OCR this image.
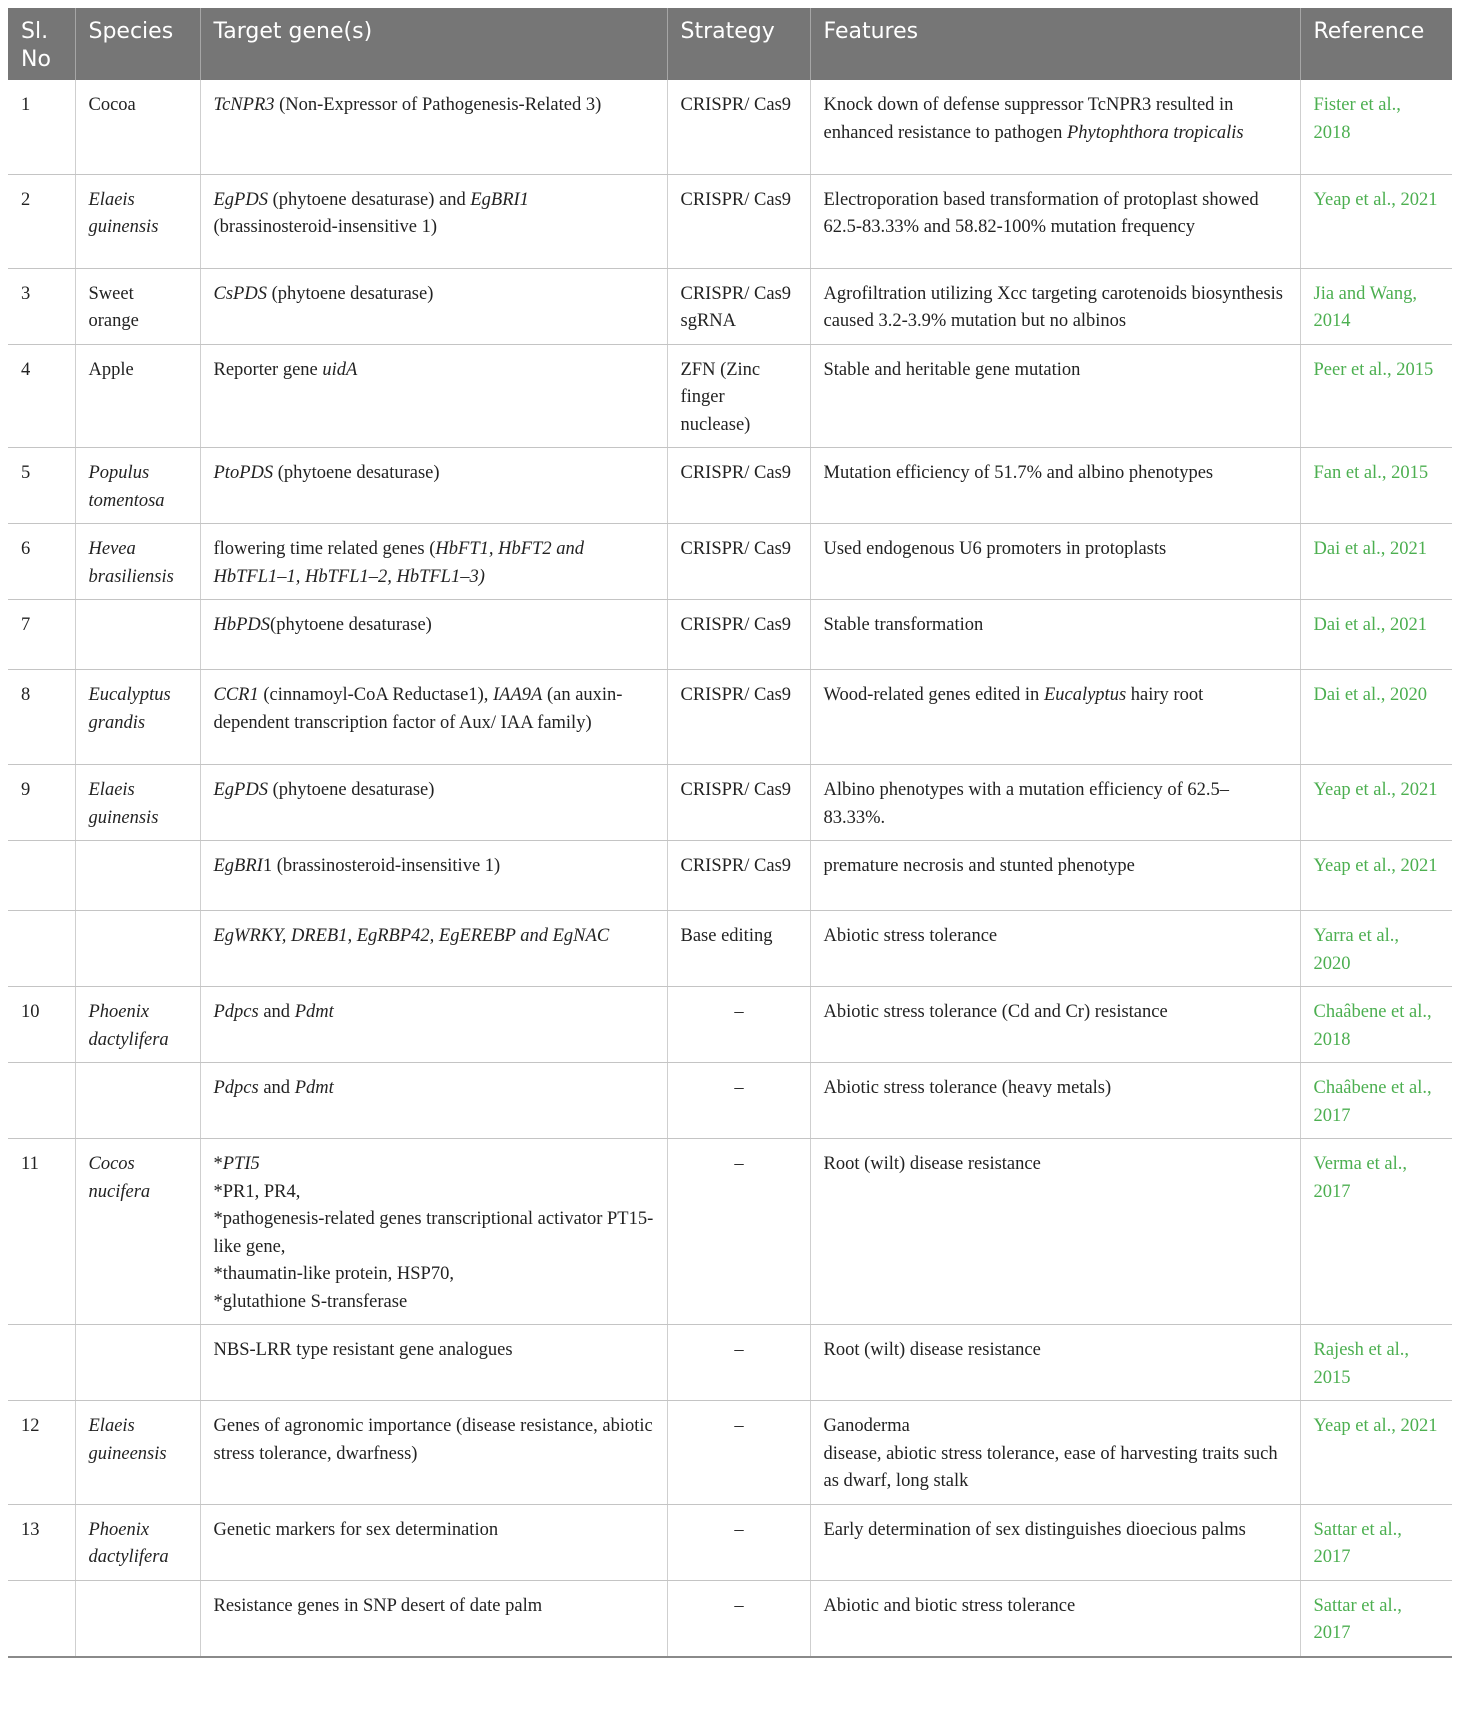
Sl. No	Species	Target gene(s)	Strategy	Features	Reference
1	Cocoa	TcNPR3 (Non-Expressor of Pathogenesis-Related 3)	CRISPR/ Cas9	Knock down of defense suppressor TcNPR3 resulted in enhanced resistance to pathogen Phytophthora tropicalis	Fister et al., 2018
2	Elaeis guinensis	EgPDS (phytoene desaturase) and EgBRI1 (brassinosteroid-insensitive 1)	CRISPR/ Cas9	Electroporation based transformation of protoplast showed 62.5-83.33% and 58.82-100% mutation frequency	Yeap et al., 2021
3	Sweet orange	CsPDS (phytoene desaturase)	CRISPR/ Cas9 sgRNA	Agrofiltration utilizing Xcc targeting carotenoids biosynthesis caused 3.2-3.9% mutation but no albinos	Jia and Wang, 2014
4	Apple	Reporter gene uidA	ZFN (Zinc finger nuclease)	Stable and heritable gene mutation	Peer et al., 2015
5	Populus tomentosa	PtoPDS (phytoene desaturase)	CRISPR/ Cas9	Mutation efficiency of 51.7% and albino phenotypes	Fan et al., 2015
6	Hevea brasiliensis	flowering time related genes (HbFT1, HbFT2 and HbTFL1–1, HbTFL1–2, HbTFL1–3)	CRISPR/ Cas9	Used endogenous U6 promoters in protoplasts	Dai et al., 2021
7		HbPDS(phytoene desaturase)	CRISPR/ Cas9	Stable transformation	Dai et al., 2021
8	Eucalyptus grandis	CCR1 (cinnamoyl-CoA Reductase1), IAA9A (an auxin-dependent transcription factor of Aux/ IAA family)	CRISPR/ Cas9	Wood-related genes edited in Eucalyptus hairy root	Dai et al., 2020
9	Elaeis guinensis	EgPDS (phytoene desaturase)	CRISPR/ Cas9	Albino phenotypes with a mutation efficiency of 62.5–83.33%.	Yeap et al., 2021
		EgBRI1 (brassinosteroid-insensitive 1)	CRISPR/ Cas9	premature necrosis and stunted phenotype	Yeap et al., 2021
		EgWRKY, DREB1, EgRBP42, EgEREBP and EgNAC	Base editing	Abiotic stress tolerance	Yarra et al., 2020
10	Phoenix dactylifera	Pdpcs and Pdmt	–	Abiotic stress tolerance (Cd and Cr) resistance	Chaâbene et al., 2018
		Pdpcs and Pdmt	–	Abiotic stress tolerance (heavy metals)	Chaâbene et al., 2017
11	Cocos nucifera	*PTI5
*PR1, PR4,
*pathogenesis-related genes transcriptional activator PT15-like gene,
*thaumatin-like protein, HSP70,
*glutathione S-transferase	–	Root (wilt) disease resistance	Verma et al., 2017
		NBS-LRR type resistant gene analogues	–	Root (wilt) disease resistance	Rajesh et al., 2015
12	Elaeis guineensis	Genes of agronomic importance (disease resistance, abiotic stress tolerance, dwarfness)	–	Ganoderma
disease, abiotic stress tolerance, ease of harvesting traits such as dwarf, long stalk	Yeap et al., 2021
13	Phoenix dactylifera	Genetic markers for sex determination	–	Early determination of sex distinguishes dioecious palms	Sattar et al., 2017
		Resistance genes in SNP desert of date palm	–	Abiotic and biotic stress tolerance	Sattar et al., 2017
